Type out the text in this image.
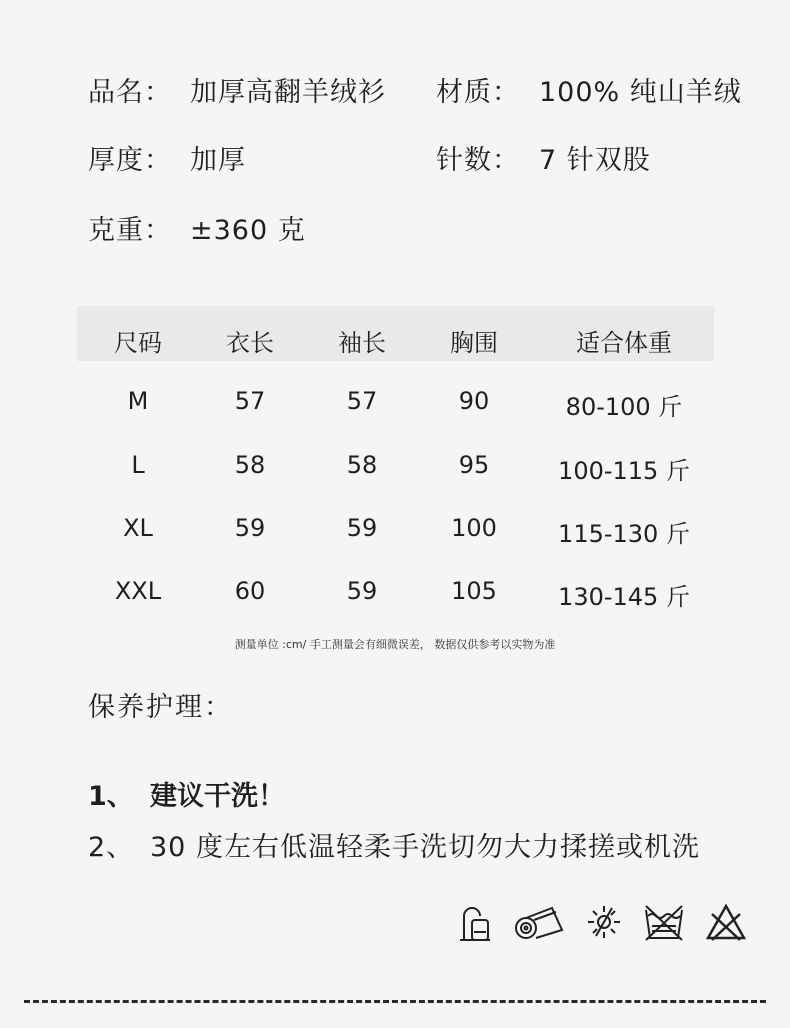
品名： 加厚高翻羊绒衫 材质： 100% 纯山羊绒
厚度： 加厚	针数： 7 针双股
克重： ±360 克
尺码	衣长	袖长	胸围	适合体重
M	57	57	90	80-100 斤
L	58	58	95	100-115 斤
XL	59	59	100	115-130 斤
XXL	60	59	105	130-145 斤
测量单位 :cm/ 手工测量会有细微误差， 数据仅供参考以实物为准
保养护理：
1、 建议干洗！
2、 30 度左右低温轻柔手洗切勿大力揉搓或机洗
